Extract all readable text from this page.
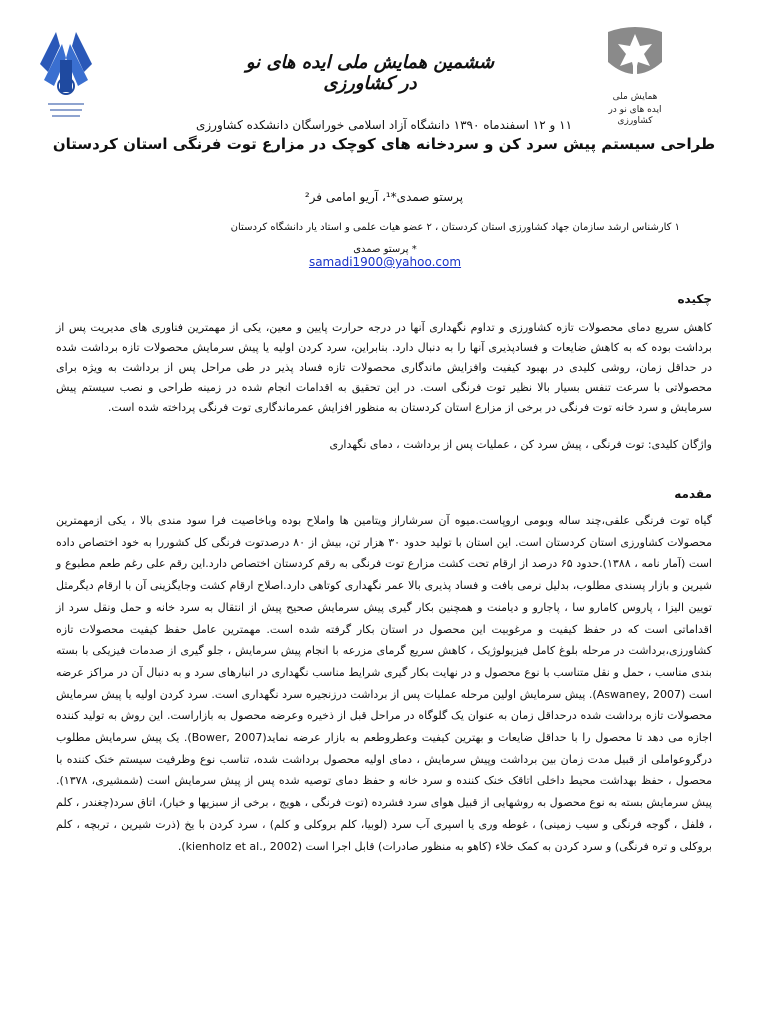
همایش ملی
ایده های نو در کشاورزی
ششمین همایش ملی ایده های نو در کشاورزی
۱۱ و ۱۲ اسفندماه ۱۳۹۰ دانشگاه آزاد اسلامی خوراسگان دانشکده کشاورزی
طراحی سیستم پیش سرد کن و سردخانه های کوچک در مزارع توت فرنگی استان کردستان
پرستو صمدی*¹، آریو امامی فر²
۱ کارشناس ارشد سازمان جهاد کشاورزی استان کردستان ، ۲ عضو هیات علمی و استاد یار دانشگاه کردستان
* پرستو صمدی
samadi1900@yahoo.com
چکیده
کاهش سریع دمای محصولات تازه کشاورزی و تداوم نگهداری آنها در درجه حرارت پایین و معین، یکی از مهمترین فناوری های مدیریت پس از برداشت بوده که به کاهش ضایعات و فسادپذیری آنها را به دنبال دارد. بنابراین، سرد کردن اولیه یا پیش سرمایش محصولات تازه برداشت شده در حداقل زمان، روشی کلیدی در بهبود کیفیت وافزایش ماندگاری محصولات تازه فساد پذیر در طی مراحل پس از برداشت به ویژه برای محصولاتی با سرعت تنفس بسیار بالا نظیر توت فرنگی است. در این تحقیق به اقدامات انجام شده در زمینه طراحی و نصب سیستم پیش سرمایش و سرد خانه توت فرنگی در برخی از مزارع استان کردستان به منظور افزایش عمرماندگاری توت فرنگی پرداخته شده است.
واژگان کلیدی: توت فرنگی ، پیش سرد کن ، عملیات پس از برداشت ، دمای نگهداری
مقدمه
گیاه توت فرنگی علفی،چند ساله وبومی اروپاست.میوه آن سرشاراز ویتامین ها واملاح بوده وباخاصیت فرا سود مندی بالا ، یکی ازمهمترین محصولات کشاورزی استان کردستان است. این استان با تولید حدود ۳۰ هزار تن، بیش از ۸۰ درصدتوت فرنگی کل کشوررا به خود اختصاص داده است (آمار نامه ، ۱۳۸۸).حدود ۶۵ درصد از ارقام تحت کشت مزارع توت فرنگی به رقم کردستان اختصاص دارد.این رقم علی رغم طعم مطبوع و شیرین و بازار پسندی مطلوب، بدلیل نرمی بافت و فساد پذیری بالا عمر نگهداری کوتاهی دارد.اصلاح ارقام کشت وجایگزینی آن با ارقام دیگرمثل تویین الیزا ، پاروس کامارو سا ، پاجارو و دیامنت و همچنین بکار گیری پیش سرمایش صحیح پیش از انتقال به سرد خانه و حمل ونقل سرد از اقداماتی است که در حفظ کیفیت و مرغوبیت این محصول در استان بکار گرفته شده است. مهمترین عامل حفظ کیفیت محصولات تازه کشاورزی،برداشت در مرحله بلوغ کامل فیزیولوژیک ، کاهش سریع گرمای مزرعه با انجام پیش سرمایش ، جلو گیری از صدمات فیزیکی با بسته بندی مناسب ، حمل و نقل متناسب با نوع محصول و در نهایت بکار گیری شرایط مناسب نگهداری در انبارهای سرد و به دنبال آن در مراکز عرضه است (Aswaney, 2007). پیش سرمایش اولین مرحله عملیات پس از برداشت درزنجیره سرد نگهداری است. سرد کردن اولیه یا پیش سرمایش محصولات تازه برداشت شده درحداقل زمان به عنوان یک گلوگاه در مراحل قبل از ذخیره وعرضه محصول به بازاراست. این روش به تولید کننده اجازه می دهد تا محصول را با حداقل ضایعات و بهترین کیفیت وعطروطعم به بازار عرضه نماید(Bower, 2007). یک پیش سرمایش مطلوب درگروعواملی از قبیل مدت زمان بین برداشت وپیش سرمایش ، دمای اولیه محصول برداشت شده، تناسب نوع وظرفیت سیستم خنک کننده با محصول ، حفظ بهداشت محیط داخلی اتاقک خنک کننده و سرد خانه و حفظ دمای توصیه شده پس از پیش سرمایش است (شمشیری، ۱۳۷۸). پیش سرمایش بسته به نوع محصول به روشهایی از قبیل هوای سرد فشرده (توت فرنگی ، هویج ، برخی از سبزیها و خیار)، اتاق سرد(چغندر ، کلم ، فلفل ، گوجه فرنگی و سیب زمینی) ، غوطه وری یا اسپری آب سرد (لوبیا، کلم بروکلی و کلم) ، سرد کردن با یخ (ذرت شیرین ، تربچه ، کلم بروکلی و تره فرنگی) و سرد کردن به کمک خلاء (کاهو به منظور صادرات) قابل اجرا است (kienholz et al., 2002).
